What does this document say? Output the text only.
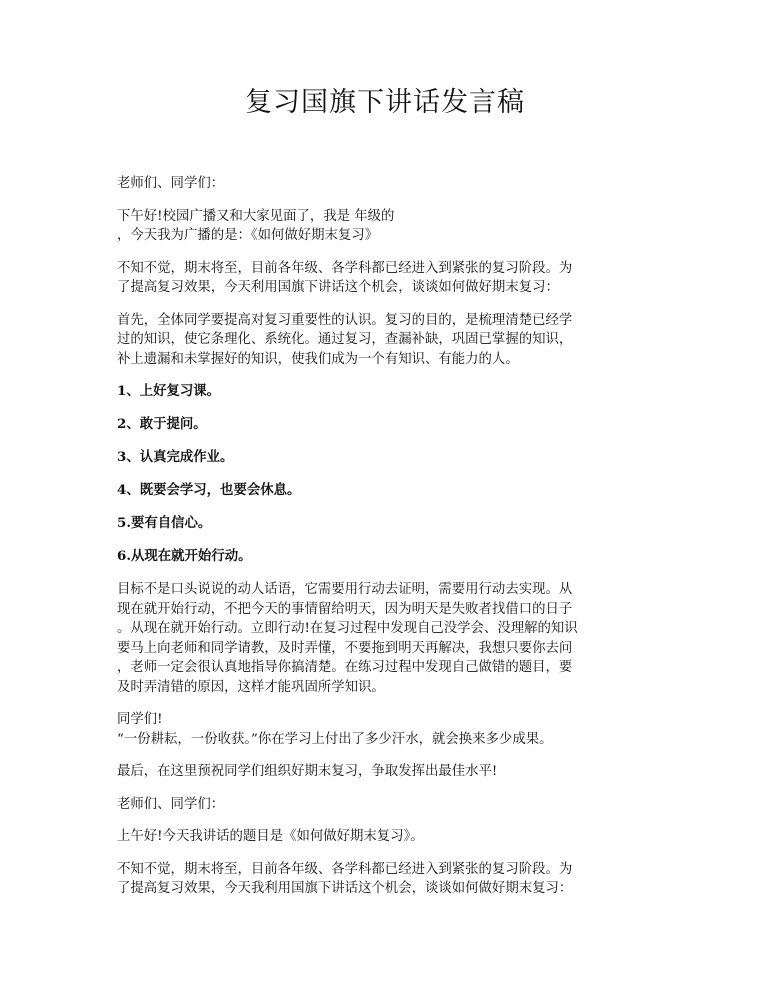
复习国旗下讲话发言稿
老师们、同学们：
下午好!校园广播又和大家见面了，我是 年级的
，今天我为广播的是：《如何做好期末复习》
不知不觉，期末将至，目前各年级、各学科都已经进入到紧张的复习阶段。为
了提高复习效果，今天利用国旗下讲话这个机会，谈谈如何做好期末复习：
首先，全体同学要提高对复习重要性的认识。复习的目的，是梳理清楚已经学
过的知识，使它条理化、系统化。通过复习，查漏补缺，巩固已掌握的知识，
补上遗漏和未掌握好的知识，使我们成为一个有知识、有能力的人。
1、上好复习课。
2、敢于提问。
3、认真完成作业。
4、既要会学习，也要会休息。
5.要有自信心。
6.从现在就开始行动。
目标不是口头说说的动人话语，它需要用行动去证明，需要用行动去实现。从
现在就开始行动，不把今天的事情留给明天，因为明天是失败者找借口的日子
。从现在就开始行动。立即行动!在复习过程中发现自己没学会、没理解的知识
要马上向老师和同学请教，及时弄懂，不要拖到明天再解决，我想只要你去问
，老师一定会很认真地指导你搞清楚。在练习过程中发现自己做错的题目，要
及时弄清错的原因，这样才能巩固所学知识。
同学们!
“一份耕耘，一份收获。”你在学习上付出了多少汗水，就会换来多少成果。
最后，在这里预祝同学们组织好期末复习，争取发挥出最佳水平!
老师们、同学们：
上午好!今天我讲话的题目是《如何做好期末复习》。
不知不觉，期末将至，目前各年级、各学科都已经进入到紧张的复习阶段。为
了提高复习效果，今天我利用国旗下讲话这个机会，谈谈如何做好期末复习：
